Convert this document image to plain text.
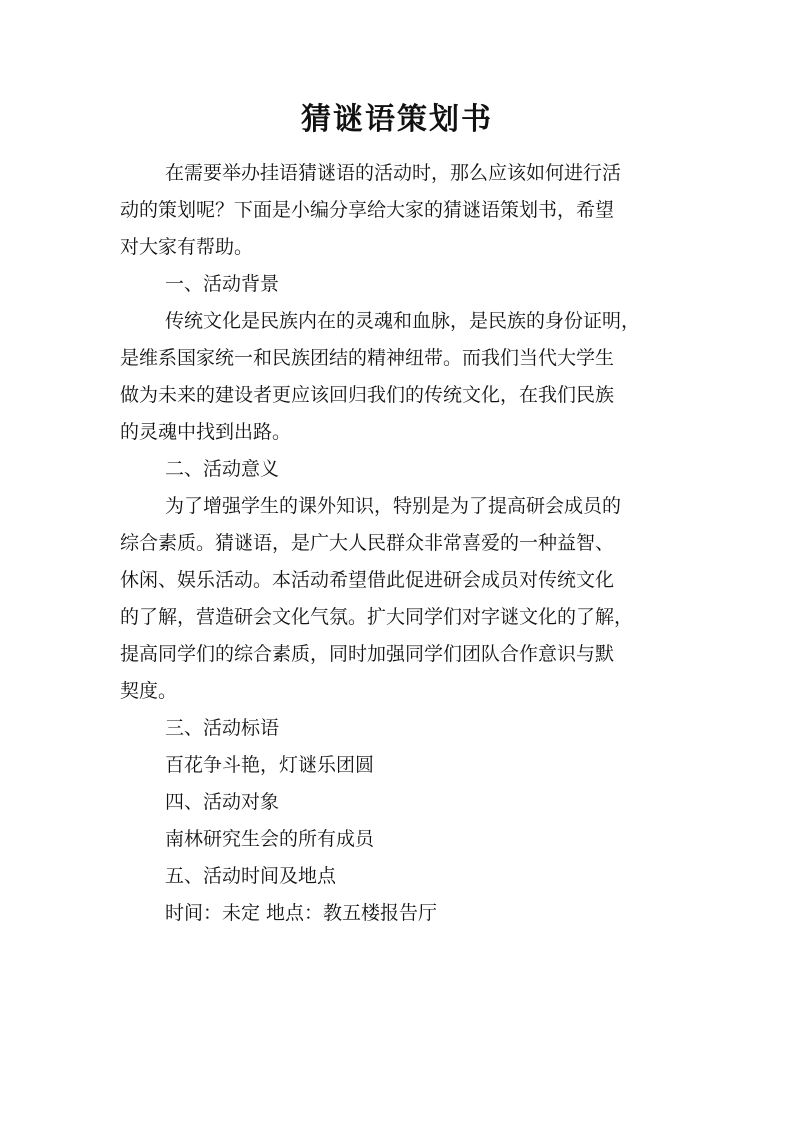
猜谜语策划书
在需要举办挂语猜谜语的活动时，那么应该如何进行活
动的策划呢？下面是小编分享给大家的猜谜语策划书，希望
对大家有帮助。
一、活动背景
传统文化是民族内在的灵魂和血脉，是民族的身份证明，
是维系国家统一和民族团结的精神纽带。而我们当代大学生
做为未来的建设者更应该回归我们的传统文化，在我们民族
的灵魂中找到出路。
二、活动意义
为了增强学生的课外知识，特别是为了提高研会成员的
综合素质。猜谜语，是广大人民群众非常喜爱的一种益智、
休闲、娱乐活动。本活动希望借此促进研会成员对传统文化
的了解，营造研会文化气氛。扩大同学们对字谜文化的了解，
提高同学们的综合素质，同时加强同学们团队合作意识与默
契度。
三、活动标语
百花争斗艳，灯谜乐团圆
四、活动对象
南林研究生会的所有成员
五、活动时间及地点
时间：未定 地点：教五楼报告厅
